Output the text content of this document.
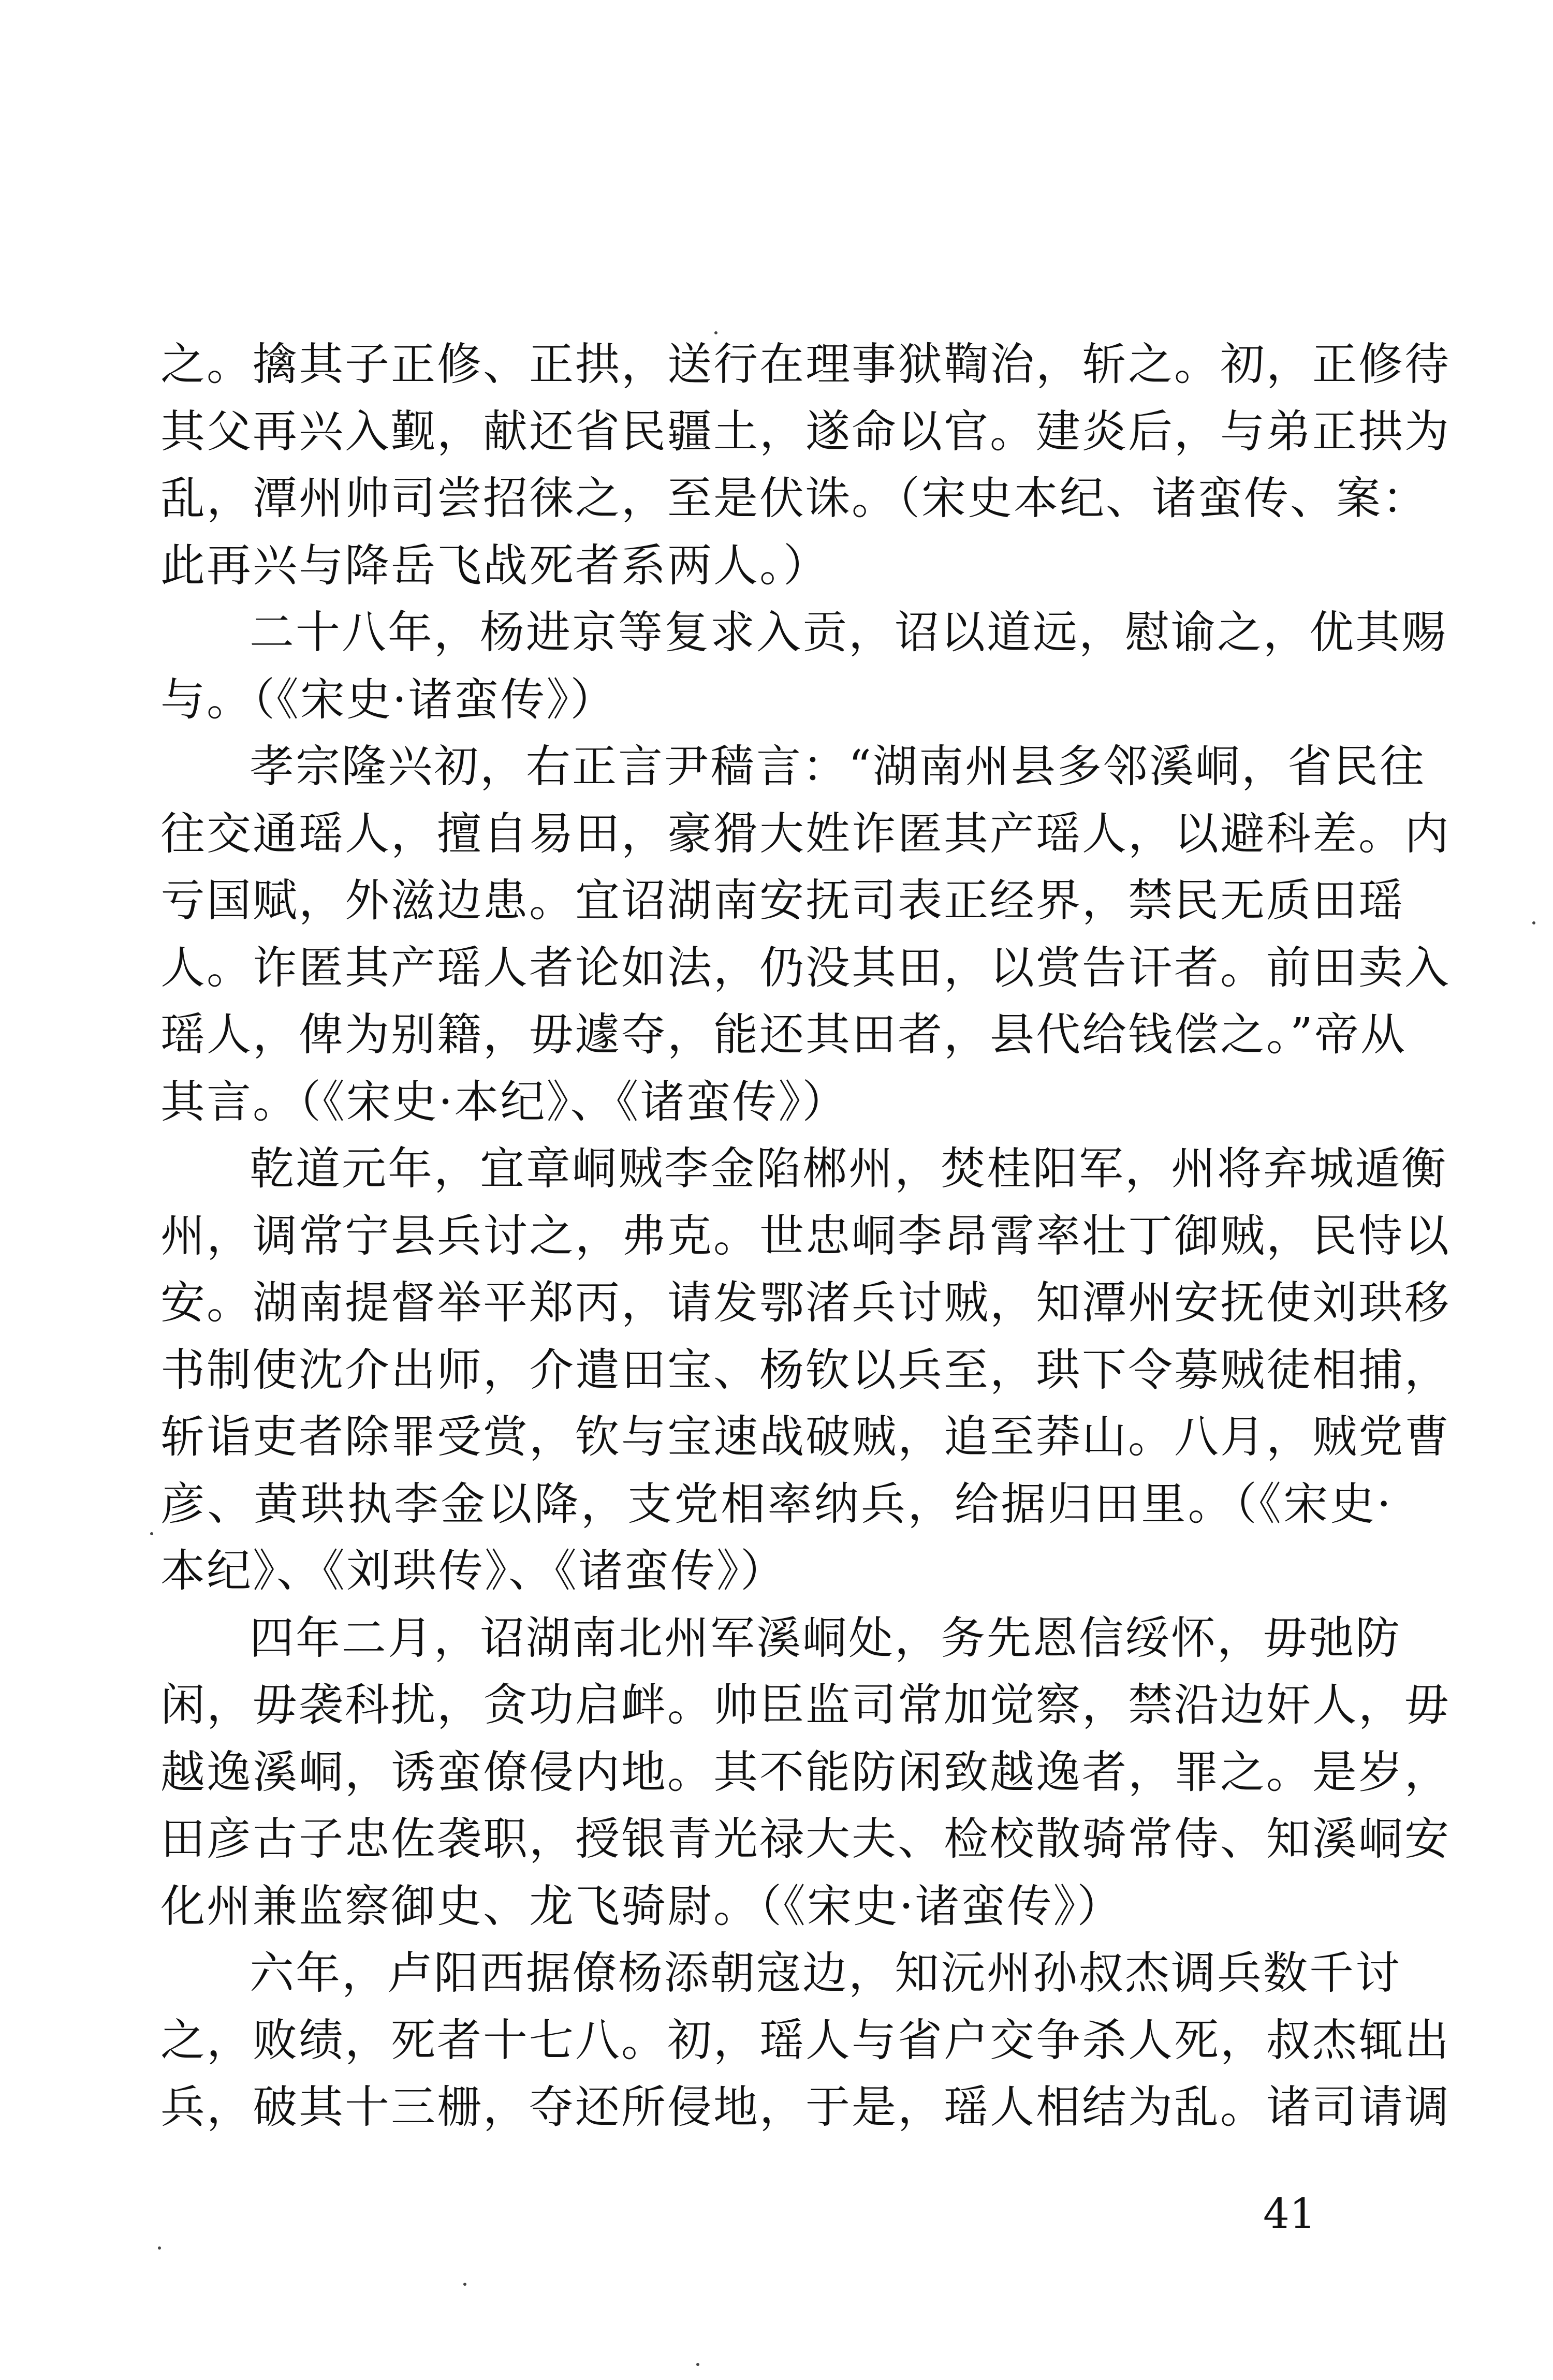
之。擒其子正修、正拱，送行在理事狱鞫治，斩之。初，正修待
其父再兴入觐，献还省民疆土，遂命以官。建炎后，与弟正拱为
乱，潭州帅司尝招徕之，至是伏诛。（宋史本纪、诸蛮传、案：
此再兴与降岳飞战死者系两人。）
二十八年，杨进京等复求入贡，诏以道远，慰谕之，优其赐
与。（《宋史·诸蛮传》）
孝宗隆兴初，右正言尹穑言：“湖南州县多邻溪峒，省民往
往交通瑶人，擅自易田，豪猾大姓诈匿其产瑶人，以避科差。内
亏国赋，外滋边患。宜诏湖南安抚司表正经界，禁民无质田瑶
人。诈匿其产瑶人者论如法，仍没其田，以赏告讦者。前田卖入
瑶人，俾为别籍，毋遽夺，能还其田者，县代给钱偿之。”帝从
其言。（《宋史·本纪》、《诸蛮传》）
乾道元年，宜章峒贼李金陷郴州，焚桂阳军，州将弃城遁衡
州，调常宁县兵讨之，弗克。世忠峒李昂霄率壮丁御贼，民恃以
安。湖南提督举平郑丙，请发鄂渚兵讨贼，知潭州安抚使刘珙移
书制使沈介出师，介遣田宝、杨钦以兵至，珙下令募贼徒相捕，
斩诣吏者除罪受赏，钦与宝速战破贼，追至莽山。八月，贼党曹
彦、黄珙执李金以降，支党相率纳兵，给据归田里。（《宋史·
本纪》、《刘珙传》、《诸蛮传》）
四年二月，诏湖南北州军溪峒处，务先恩信绥怀，毋弛防
闲，毋袭科扰，贪功启衅。帅臣监司常加觉察，禁沿边奸人，毋
越逸溪峒，诱蛮僚侵内地。其不能防闲致越逸者，罪之。是岁，
田彦古子忠佐袭职，授银青光禄大夫、检校散骑常侍、知溪峒安
化州兼监察御史、龙飞骑尉。（《宋史·诸蛮传》）
六年，卢阳西据僚杨添朝寇边，知沅州孙叔杰调兵数千讨
之，败绩，死者十七八。初，瑶人与省户交争杀人死，叔杰辄出
兵，破其十三栅，夺还所侵地，于是，瑶人相结为乱。诸司请调
41
